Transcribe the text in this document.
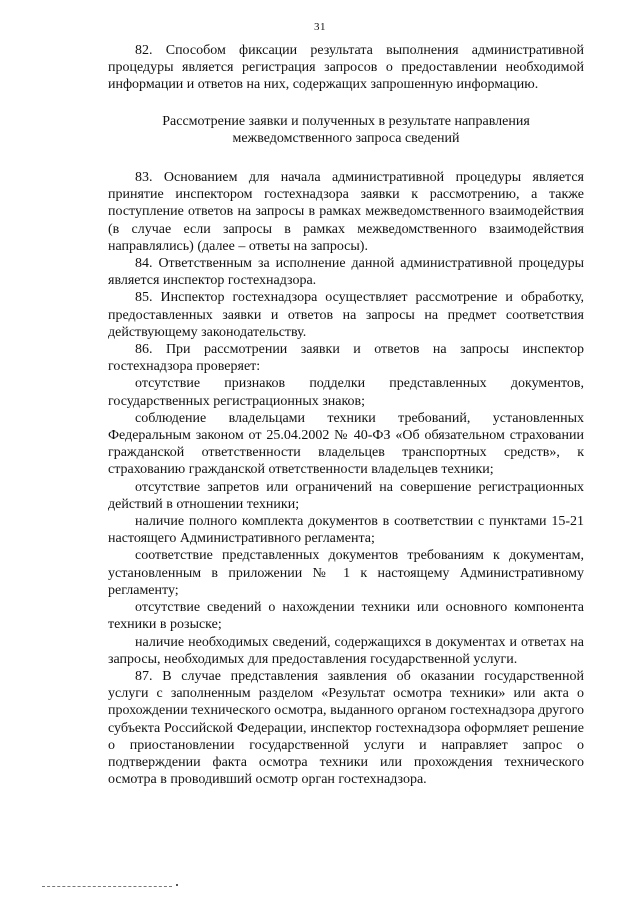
31

82. Способом фиксации результата выполнения административной процедуры является регистрация запросов о предоставлении необходимой информации и ответов на них, содержащих запрошенную информацию.

Рассмотрение заявки и полученных в результате направления межведомственного запроса сведений

83. Основанием для начала административной процедуры является принятие инспектором гостехнадзора заявки к рассмотрению, а также поступление ответов на запросы в рамках межведомственного взаимодействия (в случае если запросы в рамках межведомственного взаимодействия направлялись) (далее – ответы на запросы).

84. Ответственным за исполнение данной административной процедуры является инспектор гостехнадзора.

85. Инспектор гостехнадзора осуществляет рассмотрение и обработку, предоставленных заявки и ответов на запросы на предмет соответствия действующему законодательству.

86. При рассмотрении заявки и ответов на запросы инспектор гостехнадзора проверяет:

отсутствие признаков подделки представленных документов, государственных регистрационных знаков;

соблюдение владельцами техники требований, установленных Федеральным законом от 25.04.2002 № 40-ФЗ «Об обязательном страховании гражданской ответственности владельцев транспортных средств», к страхованию гражданской ответственности владельцев техники;

отсутствие запретов или ограничений на совершение регистрационных действий в отношении техники;

наличие полного комплекта документов в соответствии с пунктами 15-21 настоящего Административного регламента;

соответствие представленных документов требованиям к документам, установленным в приложении № 1 к настоящему Административному регламенту;

отсутствие сведений о нахождении техники или основного компонента техники в розыске;

наличие необходимых сведений, содержащихся в документах и ответах на запросы, необходимых для предоставления государственной услуги.

87. В случае представления заявления об оказании государственной услуги с заполненным разделом «Результат осмотра техники» или акта о прохождении технического осмотра, выданного органом гостехнадзора другого субъекта Российской Федерации, инспектор гостехнадзора оформляет решение о приостановлении государственной услуги и направляет запрос о подтверждении факта осмотра техники или прохождения технического осмотра в проводивший осмотр орган гостехнадзора.
